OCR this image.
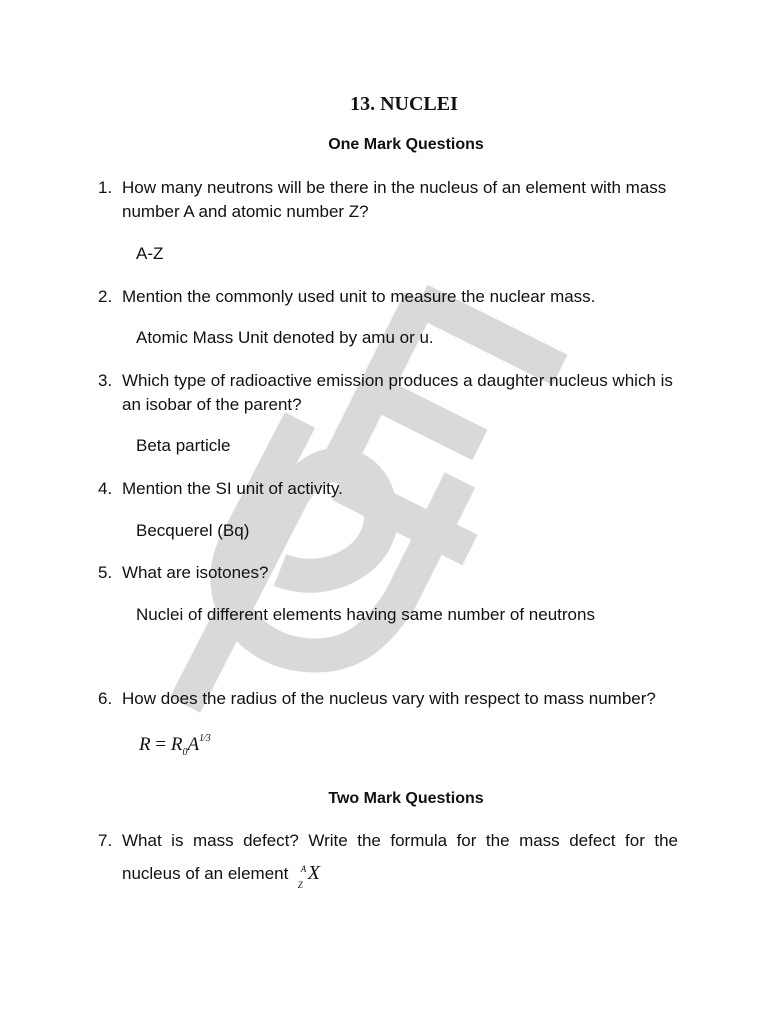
13. NUCLEI
One Mark Questions
1. How many neutrons will be there in the nucleus of an element with mass number A and atomic number Z?
A-Z
2. Mention the commonly used unit to measure the nuclear mass.
Atomic Mass Unit denoted by amu or u.
3. Which type of radioactive emission produces a daughter nucleus which is an isobar of the parent?
Beta particle
4. Mention the SI unit of activity.
Becquerel (Bq)
5. What are isotones?
Nuclei of different elements having same number of neutrons
6. How does the radius of the nucleus vary with respect to mass number?
$R = R_0A^{1⁄3}$
Two Mark Questions
7. What is mass defect? Write the formula for the mass defect for the nucleus of an element A
Z
X
